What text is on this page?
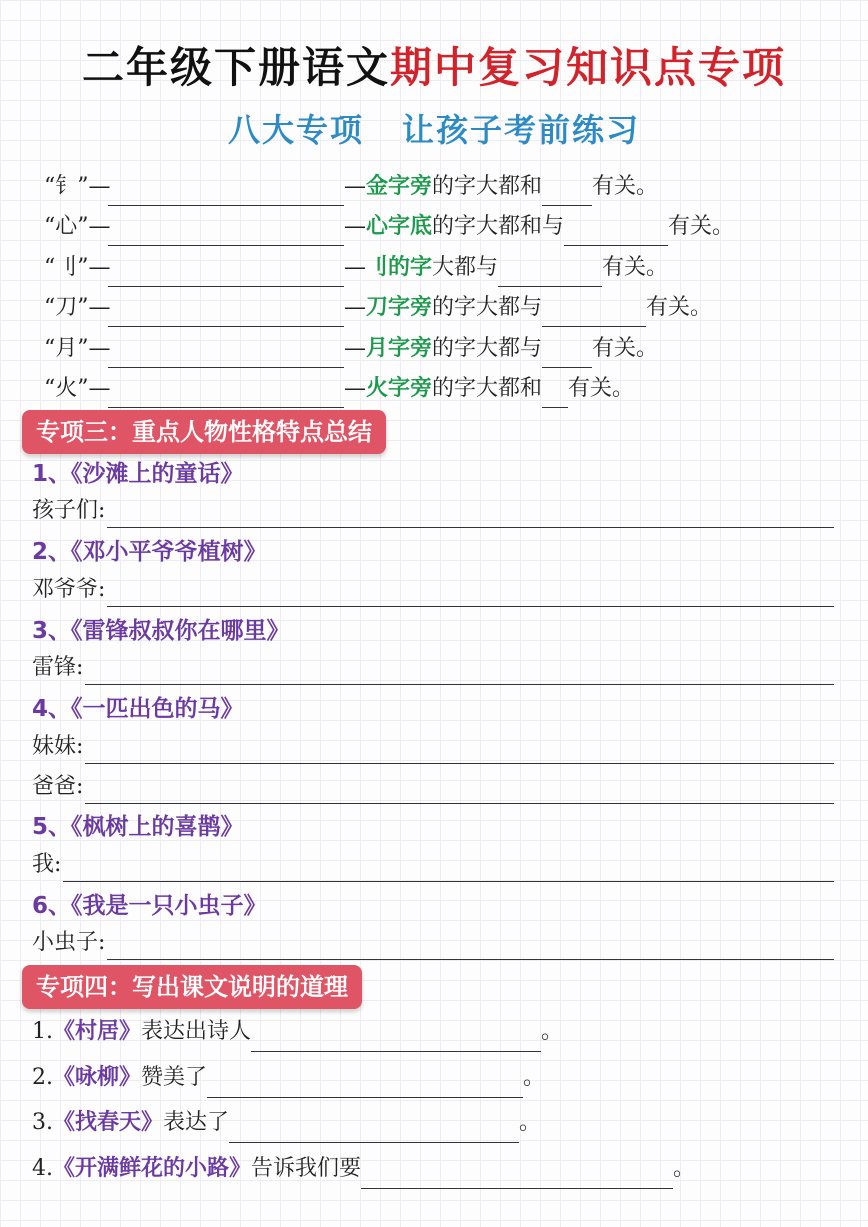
二年级下册语文期中复习知识点专项
八大专项 让孩子考前练习
“钅”—	— 金字旁 的字大都和 有关。
“心”—	— 心字底 的字大都和与	有关。
“刂”—	— 刂的字 大都与	有关。
“刀”—	— 刀字旁 的字大都与	有关。
“月”—	— 月字旁 的字大都与 有关。
“火”—	— 火字旁 的字大都和 有关。
专项三：重点人物性格特点总结
1、《沙滩上的童话》
孩子们:
2、《邓小平爷爷植树》
邓爷爷:
3、《雷锋叔叔你在哪里》
雷锋:
4、《一匹出色的马》
妹妹:
爸爸:
5、《枫树上的喜鹊》
我:
6、《我是一只小虫子》
小虫子:
专项四：写出课文说明的道理
1. 《村居》 表达出诗人	。
2. 《咏柳》 赞美了	。
3. 《找春天》 表达了	。
4. 《开满鲜花的小路》 告诉我们要	。
